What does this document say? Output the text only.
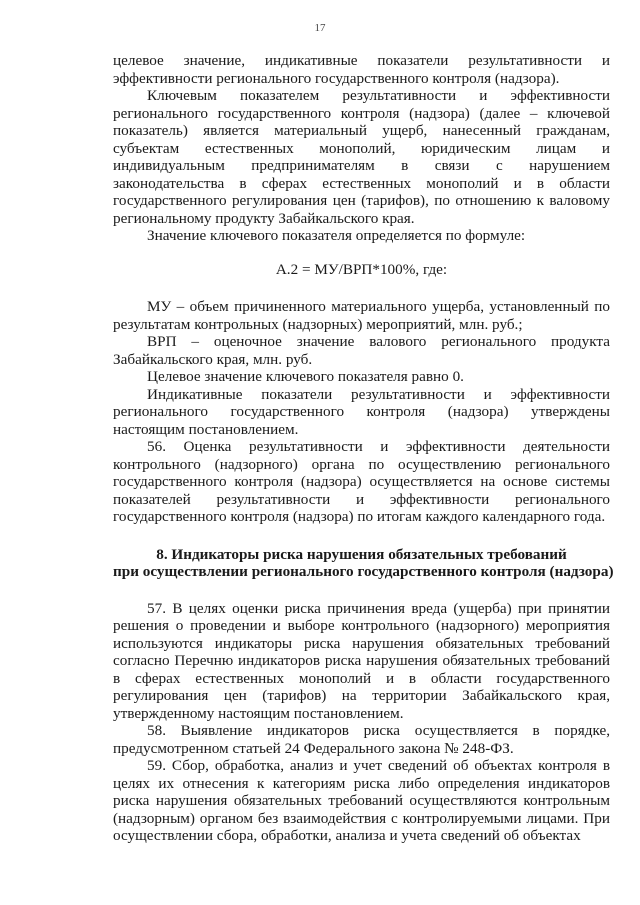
17

целевое значение, индикативные показатели результативности и эффективности регионального государственного контроля (надзора).

Ключевым показателем результативности и эффективности регионального государственного контроля (надзора) (далее – ключевой показатель) является материальный ущерб, нанесенный гражданам, субъектам естественных монополий, юридическим лицам и индивидуальным предпринимателям в связи с нарушением законодательства в сферах естественных монополий и в области государственного регулирования цен (тарифов), по отношению к валовому региональному продукту Забайкальского края.

Значение ключевого показателя определяется по формуле:

А.2 = МУ/ВРП*100%, где:

МУ – объем причиненного материального ущерба, установленный по результатам контрольных (надзорных) мероприятий, млн. руб.;

ВРП – оценочное значение валового регионального продукта Забайкальского края, млн. руб.

Целевое значение ключевого показателя равно 0.

Индикативные показатели результативности и эффективности регионального государственного контроля (надзора) утверждены настоящим постановлением.

56. Оценка результативности и эффективности деятельности контрольного (надзорного) органа по осуществлению регионального государственного контроля (надзора) осуществляется на основе системы показателей результативности и эффективности регионального государственного контроля (надзора) по итогам каждого календарного года.

8. Индикаторы риска нарушения обязательных требований
при осуществлении регионального государственного контроля (надзора)

57. В целях оценки риска причинения вреда (ущерба) при принятии решения о проведении и выборе контрольного (надзорного) мероприятия используются индикаторы риска нарушения обязательных требований согласно Перечню индикаторов риска нарушения обязательных требований в сферах естественных монополий и в области государственного регулирования цен (тарифов) на территории Забайкальского края, утвержденному настоящим постановлением.

58. Выявление индикаторов риска осуществляется в порядке, предусмотренном статьей 24 Федерального закона № 248-ФЗ.

59. Сбор, обработка, анализ и учет сведений об объектах контроля в целях их отнесения к категориям риска либо определения индикаторов риска нарушения обязательных требований осуществляются контрольным (надзорным) органом без взаимодействия с контролируемыми лицами. При осуществлении сбора, обработки, анализа и учета сведений об объектах
